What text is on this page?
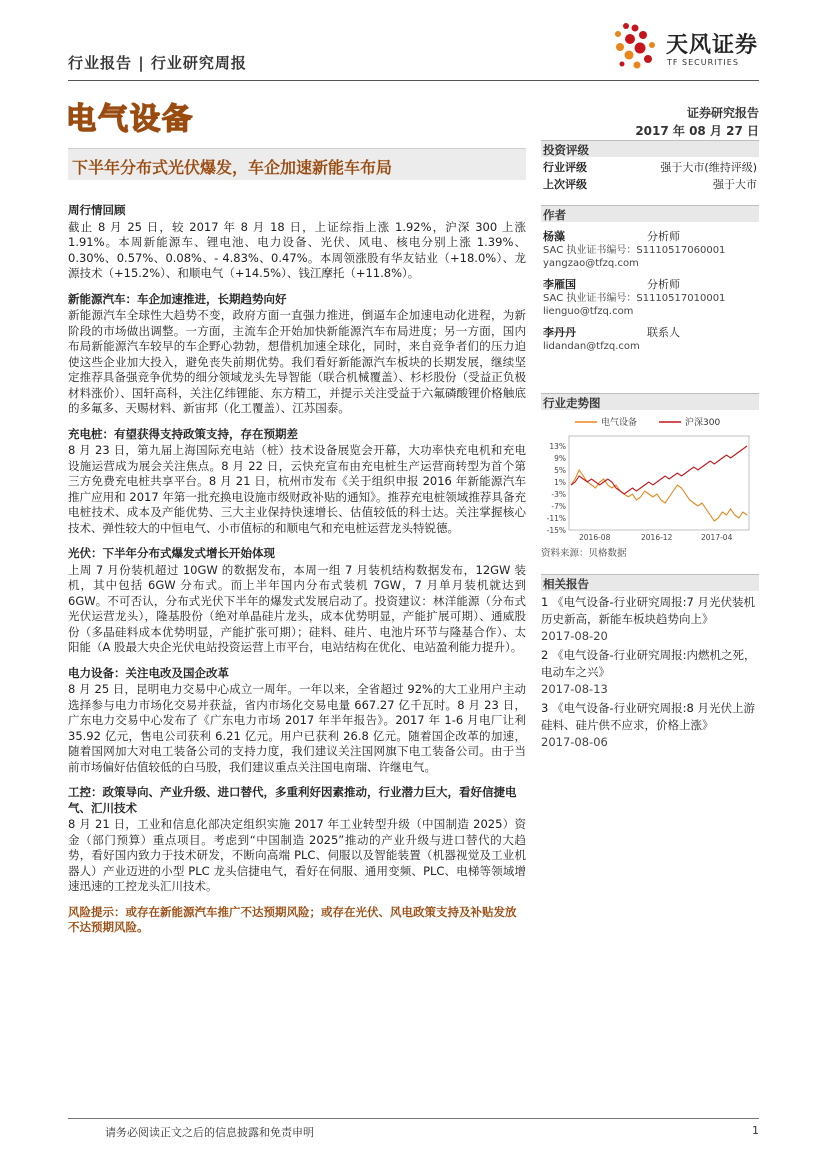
行业报告 | 行业研究周报
天风证券
TF SECURITIES
电气设备	证券研究报告
2017 年 08 月 27 日
下半年分布式光伏爆发，车企加速新能车布局
周行情回顾
截止 8 月 25 日，较 2017 年 8 月 18 日，上证综指上涨 1.92%，沪深 300 上涨 1.91%。本周新能源车、锂电池、电力设备、光伏、风电、核电分别上涨 1.39%、0.30%、0.57%、0.08%、- 4.83%、0.47%。本周领涨股有华友钴业（+18.0%）、龙源技术（+15.2%）、和顺电气（+14.5%）、钱江摩托（+11.8%）。
新能源汽车：车企加速推进，长期趋势向好
新能源汽车全球性大趋势不变，政府方面一直强力推进，倒逼车企加速电动化进程，为新阶段的市场做出调整。一方面，主流车企开始加快新能源汽车布局进度；另一方面，国内布局新能源汽车较早的车企野心勃勃，想借机加速全球化，同时，来自竞争者们的压力迫使这些企业加大投入，避免丧失前期优势。我们看好新能源汽车板块的长期发展，继续坚定推荐具备强竞争优势的细分领域龙头先导智能（联合机械覆盖）、杉杉股份（受益正负极材料涨价）、国轩高科，关注亿纬锂能、东方精工，并提示关注受益于六氟磷酸锂价格触底的多氟多、天赐材料、新宙邦（化工覆盖）、江苏国泰。
充电桩：有望获得支持政策支持，存在预期差
8 月 23 日，第九届上海国际充电站（桩）技术设备展览会开幕，大功率快充电机和充电设施运营成为展会关注焦点。8 月 22 日，云快充宣布由充电桩生产运营商转型为首个第三方免费充电桩共享平台。8 月 21 日，杭州市发布《关于组织申报 2016 年新能源汽车推广应用和 2017 年第一批充换电设施市级财政补贴的通知》。推荐充电桩领域推荐具备充电桩技术、成本及产能优势、三大主业保持快速增长、估值较低的科士达。关注掌握核心技术、弹性较大的中恒电气、小市值标的和顺电气和充电桩运营龙头特锐德。
光伏：下半年分布式爆发式增长开始体现
上周 7 月份装机超过 10GW 的数据发布，本周一组 7 月装机结构数据发布，12GW 装机，其中包括 6GW 分布式。而上半年国内分布式装机 7GW，7 月单月装机就达到 6GW。不可否认，分布式光伏下半年的爆发式发展启动了。投资建议：林洋能源（分布式光伏运营龙头），隆基股份（绝对单晶硅片龙头，成本优势明显，产能扩展可期）、通威股份（多晶硅料成本优势明显，产能扩张可期）；硅料、硅片、电池片环节与隆基合作）、太阳能（A 股最大央企光伏电站投资运营上市平台，电站结构在优化、电站盈利能力提升）。
电力设备：关注电改及国企改革
8 月 25 日，昆明电力交易中心成立一周年。一年以来，全省超过 92%的大工业用户主动选择参与电力市场化交易并获益，省内市场化交易电量 667.27 亿千瓦时。8 月 23 日，广东电力交易中心发布了《广东电力市场 2017 年半年报告》。2017 年 1-6 月电厂让利 35.92 亿元，售电公司获利 6.21 亿元。用户已获利 26.8 亿元。随着国企改革的加速，随着国网加大对电工装备公司的支持力度，我们建议关注国网旗下电工装备公司。由于当前市场偏好估值较低的白马股，我们建议重点关注国电南瑞、许继电气。
工控：政策导向、产业升级、进口替代，多重利好因素推动，行业潜力巨大，看好信捷电气、汇川技术
8 月 21 日，工业和信息化部决定组织实施 2017 年工业转型升级（中国制造 2025）资金（部门预算）重点项目。考虑到“中国制造 2025”推动的产业升级与进口替代的大趋势，看好国内致力于技术研发，不断向高端 PLC、伺服以及智能装置（机器视觉及工业机器人）产业迈进的小型 PLC 龙头信捷电气，看好在伺服、通用变频、PLC、电梯等领域增速迅速的工控龙头汇川技术。
风险提示：或存在新能源汽车推广不达预期风险；或存在光伏、风电政策支持及补贴发放不达预期风险。
投资评级
行业评级	强于大市(维持评级)
上次评级	强于大市
作者
杨藻	分析师
SAC 执业证书编号：S1110517060001
yangzao@tfzq.com
李雁国	分析师
SAC 执业证书编号：S1110517010001
lienguo@tfzq.com
李丹丹	联系人
lidandan@tfzq.com
行业走势图
13%
9%
5%
1%
-3%
-7%
-11%
-15%
2016-08	2016-12	2017-04
电气设备	沪深300
资料来源：贝格数据
相关报告
1 《电气设备-行业研究周报:7 月光伏装机历史新高，新能车板块趋势向上》
2017-08-20
2 《电气设备-行业研究周报:内燃机之死，电动车之兴》
2017-08-13
3 《电气设备-行业研究周报:8 月光伏上游硅料、硅片供不应求，价格上涨》
2017-08-06
请务必阅读正文之后的信息披露和免责申明	1
